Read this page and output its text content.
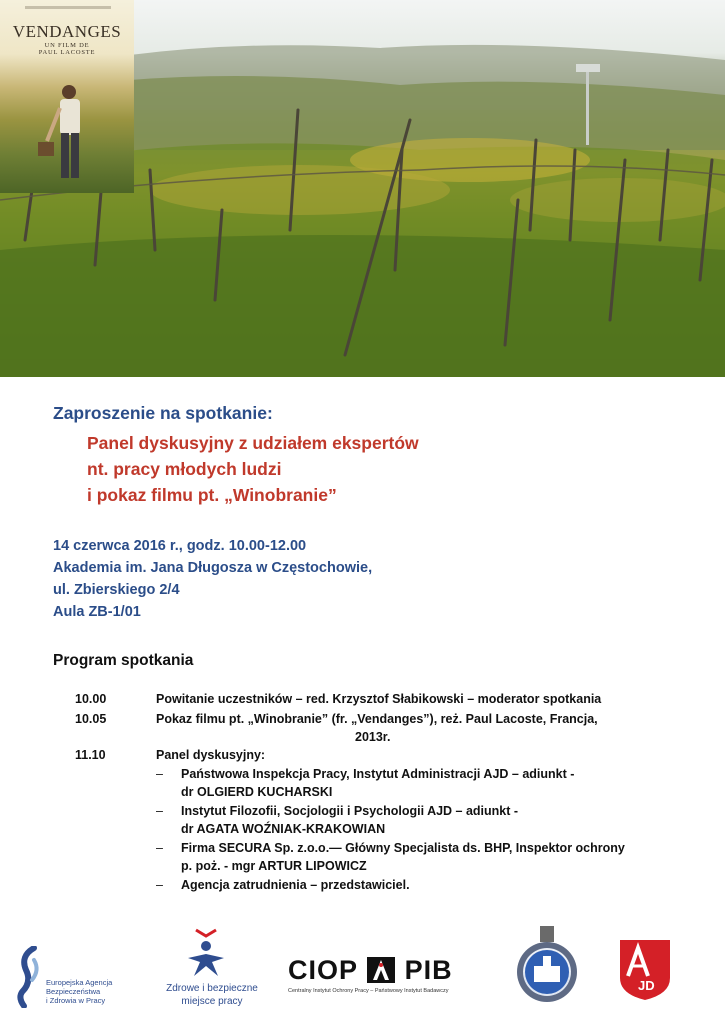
VENDANGES
UN FILM DE
PAUL LACOSTE
Zaproszenie na spotkanie:
Panel dyskusyjny z udziałem ekspertów
nt. pracy młodych ludzi
i pokaz filmu pt. „Winobranie”
14 czerwca 2016 r., godz. 10.00-12.00
Akademia im. Jana Długosza w Częstochowie,
ul. Zbierskiego 2/4
Aula ZB-1/01
Program spotkania
10.00	Powitanie uczestników – red. Krzysztof Słabikowski – moderator spotkania
10.05	Pokaz filmu pt. „Winobranie” (fr. „Vendanges”), reż. Paul Lacoste, Francja,
2013r.
11.10	Panel dyskusyjny:
– Państwowa Inspekcja Pracy, Instytut Administracji AJD – adiunkt -
dr OLGIERD KUCHARSKI
– Instytut Filozofii, Socjologii i Psychologii AJD – adiunkt -
dr AGATA WOŹNIAK-KRAKOWIAN
– Firma SECURA Sp. z.o.o.— Główny Specjalista ds. BHP, Inspektor ochrony
p. poż. - mgr ARTUR LIPOWICZ
– Agencja zatrudnienia – przedstawiciel.
Europejska Agencja
Bezpieczeństwa
i Zdrowia w Pracy
Zdrowe i bezpieczne
miejsce pracy
CIOP PIB
Centralny Instytut Ochrony Pracy – Państwowy Instytut Badawczy	JD
